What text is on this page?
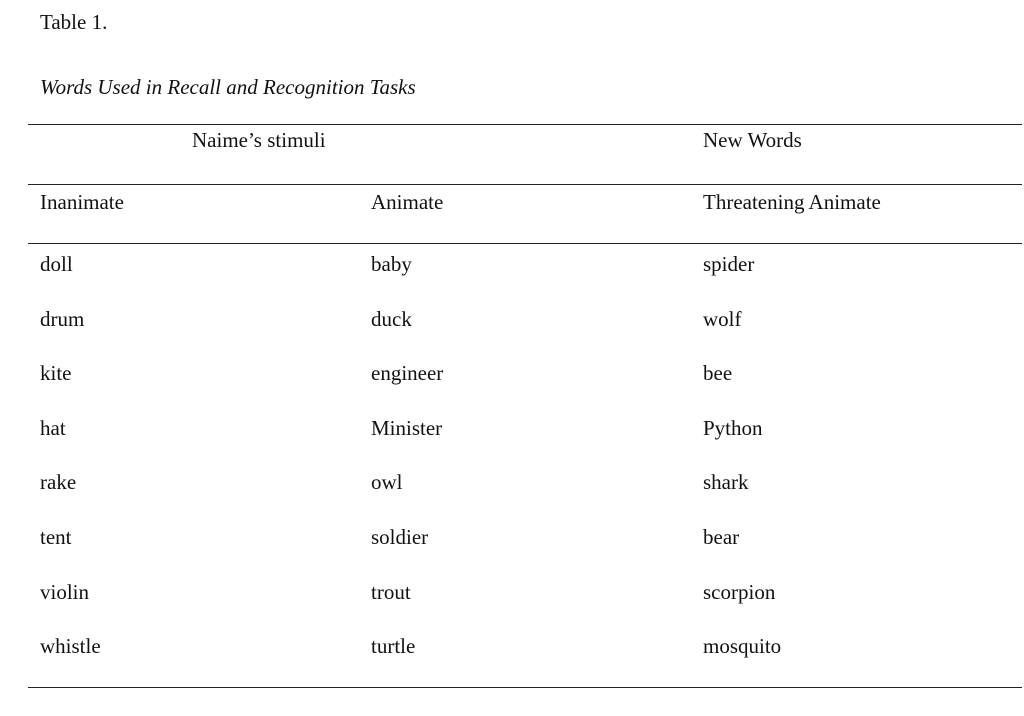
Table 1.
Words Used in Recall and Recognition Tasks
Naime’s stimuli	New Words
Inanimate	Animate	Threatening Animate
doll	baby	spider
drum	duck	wolf
kite	engineer	bee
hat	Minister	Python
rake	owl	shark
tent	soldier	bear
violin	trout	scorpion
whistle	turtle	mosquito
